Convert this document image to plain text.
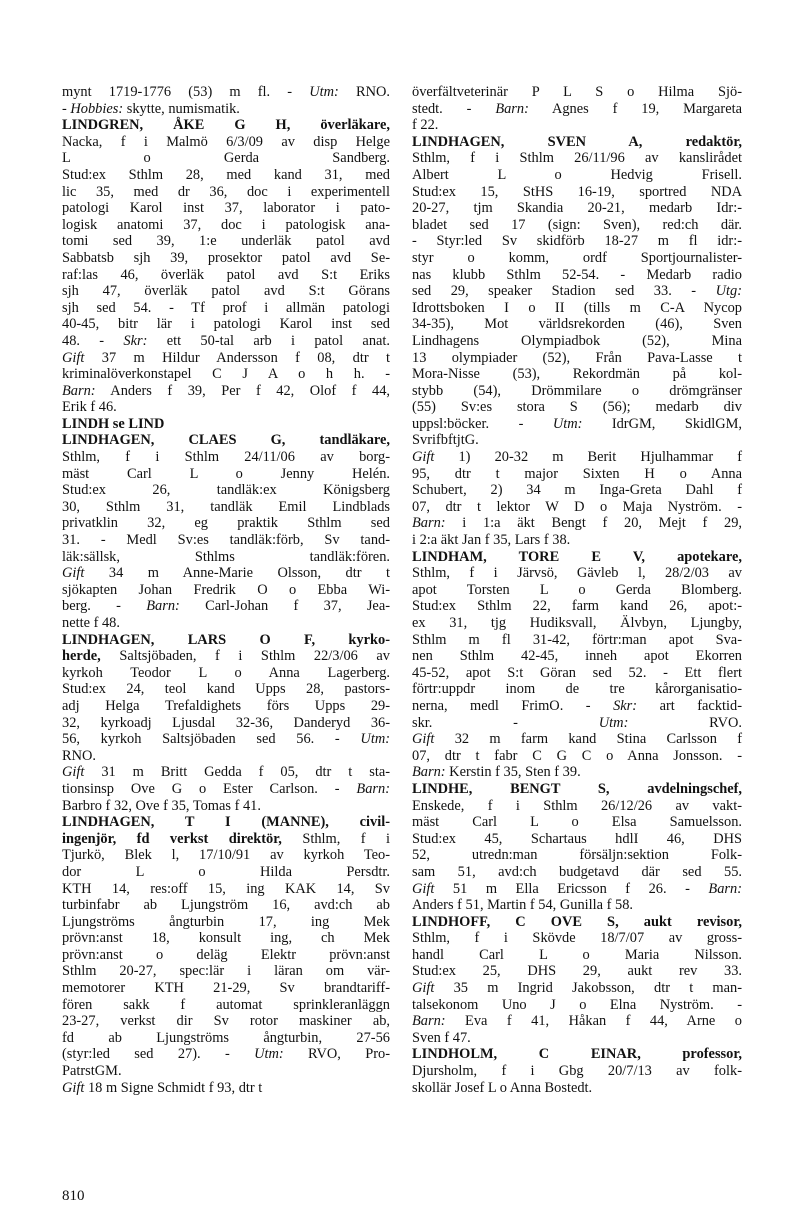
mynt 1719-1776 (53) m fl. - Utm: RNO.
- Hobbies: skytte, numismatik.
LINDGREN, ÅKE G H, överläkare,
Nacka, f i Malmö 6/3/09 av disp Helge
L o Gerda Sandberg.
Stud:ex Sthlm 28, med kand 31, med
lic 35, med dr 36, doc i experimentell
patologi Karol inst 37, laborator i pato-
logisk anatomi 37, doc i patologisk ana-
tomi sed 39, 1:e underläk patol avd
Sabbatsb sjh 39, prosektor patol avd Se-
raf:las 46, överläk patol avd S:t Eriks
sjh 47, överläk patol avd S:t Görans
sjh sed 54. - Tf prof i allmän patologi
40-45, bitr lär i patologi Karol inst sed
48. - Skr: ett 50-tal arb i patol anat.
Gift 37 m Hildur Andersson f 08, dtr t
kriminalöverkonstapel C J A o h h. -
Barn: Anders f 39, Per f 42, Olof f 44,
Erik f 46.
LINDH se LIND
LINDHAGEN, CLAES G, tandläkare,
Sthlm, f i Sthlm 24/11/06 av borg-
mäst Carl L o Jenny Helén.
Stud:ex 26, tandläk:ex Königsberg
30, Sthlm 31, tandläk Emil Lindblads
privatklin 32, eg praktik Sthlm sed
31. - Medl Sv:es tandläk:förb, Sv tand-
läk:sällsk, Sthlms tandläk:fören.
Gift 34 m Anne-Marie Olsson, dtr t
sjökapten Johan Fredrik O o Ebba Wi-
berg. - Barn: Carl-Johan f 37, Jea-
nette f 48.
LINDHAGEN, LARS O F, kyrko-
herde, Saltsjöbaden, f i Sthlm 22/3/06 av
kyrkoh Teodor L o Anna Lagerberg.
Stud:ex 24, teol kand Upps 28, pastors-
adj Helga Trefaldighets förs Upps 29-
32, kyrkoadj Ljusdal 32-36, Danderyd 36-
56, kyrkoh Saltsjöbaden sed 56. - Utm:
RNO.
Gift 31 m Britt Gedda f 05, dtr t sta-
tionsinsp Ove G o Ester Carlson. - Barn:
Barbro f 32, Ove f 35, Tomas f 41.
LINDHAGEN, T I (MANNE), civil-
ingenjör, fd verkst direktör, Sthlm, f i
Tjurkö, Blek l, 17/10/91 av kyrkoh Teo-
dor L o Hilda Persdtr.
KTH 14, res:off 15, ing KAK 14, Sv
turbinfabr ab Ljungström 16, avd:ch ab
Ljungströms ångturbin 17, ing Mek
prövn:anst 18, konsult ing, ch Mek
prövn:anst o deläg Elektr prövn:anst
Sthlm 20-27, spec:lär i läran om vär-
memotorer KTH 21-29, Sv brandtariff-
fören sakk f automat sprinkleranläggn
23-27, verkst dir Sv rotor maskiner ab,
fd ab Ljungströms ångturbin, 27-56
(styr:led sed 27). - Utm: RVO, Pro-
PatrstGM.
Gift 18 m Signe Schmidt f 93, dtr t
överfältveterinär P L S o Hilma Sjö-
stedt. - Barn: Agnes f 19, Margareta
f 22.
LINDHAGEN, SVEN A, redaktör,
Sthlm, f i Sthlm 26/11/96 av kanslirådet
Albert L o Hedvig Frisell.
Stud:ex 15, StHS 16-19, sportred NDA
20-27, tjm Skandia 20-21, medarb Idr:-
bladet sed 17 (sign: Sven), red:ch där.
- Styr:led Sv skidförb 18-27 m fl idr:-
styr o komm, ordf Sportjournalister-
nas klubb Sthlm 52-54. - Medarb radio
sed 29, speaker Stadion sed 33. - Utg:
Idrottsboken I o II (tills m C-A Nycop
34-35), Mot världsrekorden (46), Sven
Lindhagens Olympiadbok (52), Mina
13 olympiader (52), Från Pava-Lasse t
Mora-Nisse (53), Rekordmän på kol-
stybb (54), Drömmilare o drömgränser
(55) Sv:es stora S (56); medarb div
uppsl:böcker. - Utm: IdrGM, SkidlGM,
SvrifbftjtG.
Gift 1) 20-32 m Berit Hjulhammar f
95, dtr t major Sixten H o Anna
Schubert, 2) 34 m Inga-Greta Dahl f
07, dtr t lektor W D o Maja Nyström. -
Barn: i 1:a äkt Bengt f 20, Mejt f 29,
i 2:a äkt Jan f 35, Lars f 38.
LINDHAM, TORE E V, apotekare,
Sthlm, f i Järvsö, Gävleb l, 28/2/03 av
apot Torsten L o Gerda Blomberg.
Stud:ex Sthlm 22, farm kand 26, apot:-
ex 31, tjg Hudiksvall, Älvbyn, Ljungby,
Sthlm m fl 31-42, förtr:man apot Sva-
nen Sthlm 42-45, inneh apot Ekorren
45-52, apot S:t Göran sed 52. - Ett flert
förtr:uppdr inom de tre kårorganisatio-
nerna, medl FrimO. - Skr: art facktid-
skr. - Utm: RVO.
Gift 32 m farm kand Stina Carlsson f
07, dtr t fabr C G C o Anna Jonsson. -
Barn: Kerstin f 35, Sten f 39.
LINDHE, BENGT S, avdelningschef,
Enskede, f i Sthlm 26/12/26 av vakt-
mäst Carl L o Elsa Samuelsson.
Stud:ex 45, Schartaus hdlI 46, DHS
52, utredn:man försäljn:sektion Folk-
sam 51, avd:ch budgetavd där sed 55.
Gift 51 m Ella Ericsson f 26. - Barn:
Anders f 51, Martin f 54, Gunilla f 58.
LINDHOFF, C OVE S, aukt revisor,
Sthlm, f i Skövde 18/7/07 av gross-
handl Carl L o Maria Nilsson.
Stud:ex 25, DHS 29, aukt rev 33.
Gift 35 m Ingrid Jakobsson, dtr t man-
talsekonom Uno J o Elna Nyström. -
Barn: Eva f 41, Håkan f 44, Arne o
Sven f 47.
LINDHOLM, C EINAR, professor,
Djursholm, f i Gbg 20/7/13 av folk-
skollär Josef L o Anna Bostedt.
810
